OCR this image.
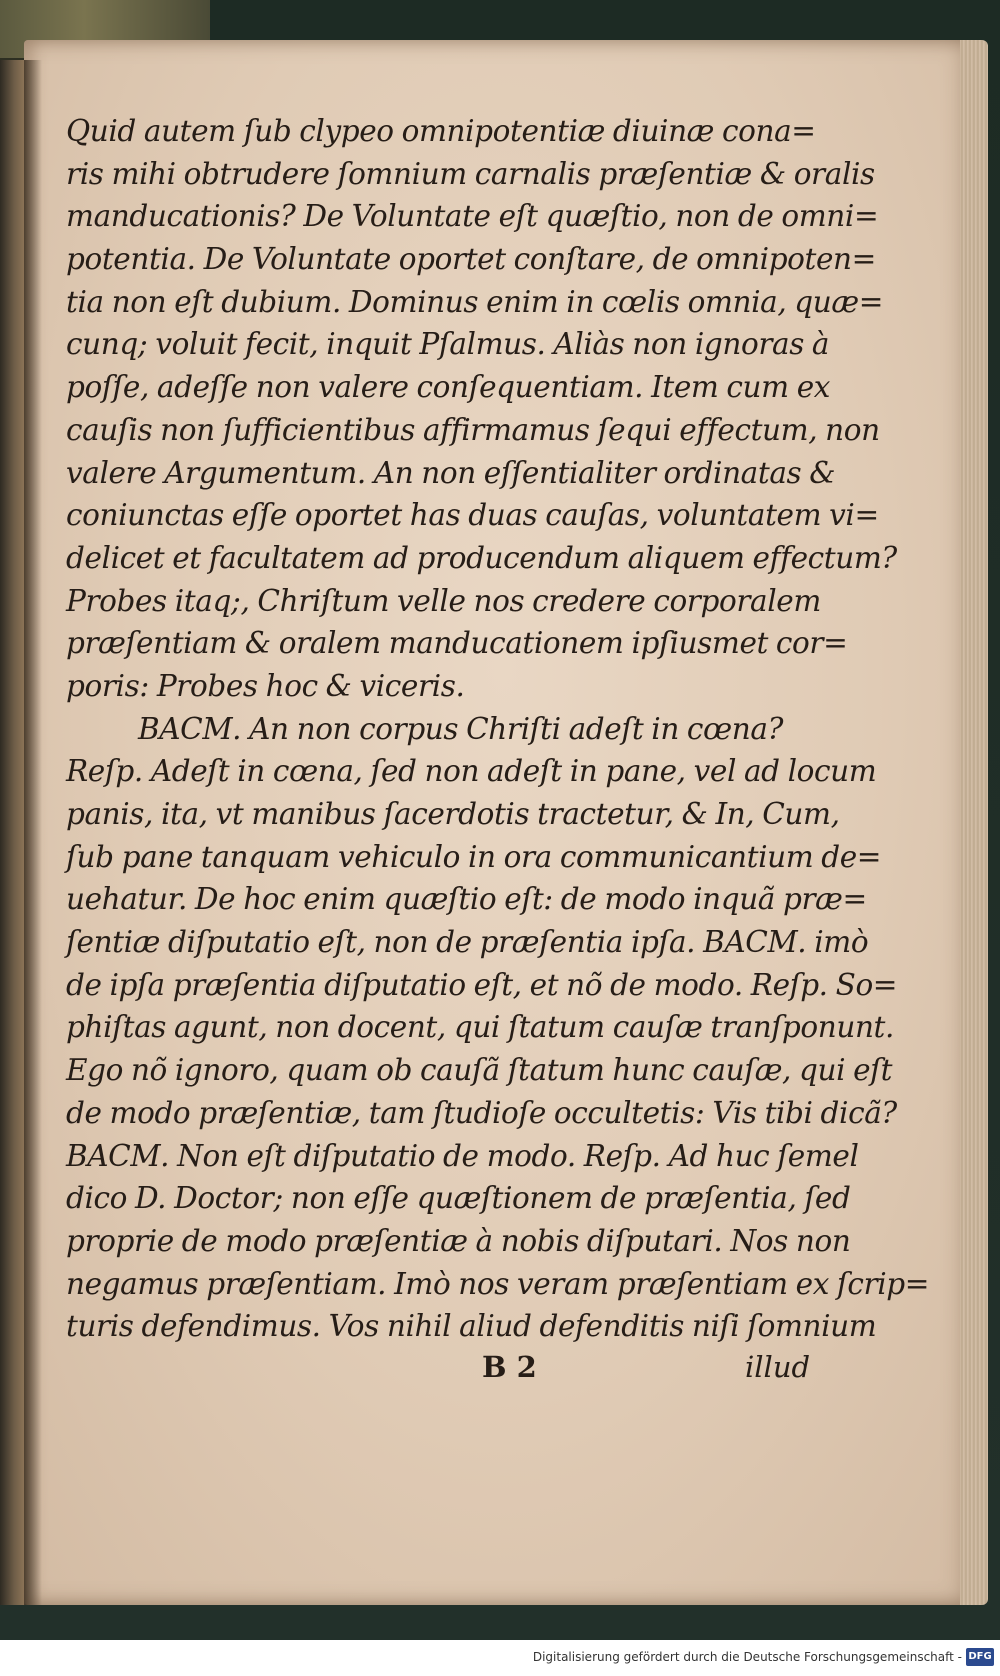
Quid autem ſub clypeo omnipotentiæ diuinæ cona=
ris mihi obtrudere ſomnium carnalis præſentiæ & oralis
manducationis? De Voluntate eſt quæſtio, non de omni=
potentia. De Voluntate oportet conſtare, de omnipoten=
tia non eſt dubium. Dominus enim in cœlis omnia, quæ=
cunq; voluit fecit, inquit Pſalmus. Aliàs non ignoras à
poſſe, adeſſe non valere conſequentiam. Item cum ex
cauſis non ſufficientibus affirmamus ſequi effectum, non
valere Argumentum. An non eſſentialiter ordinatas &
coniunctas eſſe oportet has duas cauſas, voluntatem vi=
delicet et facultatem ad producendum aliquem effectum?
Probes itaq;, Chriſtum velle nos credere corporalem
præſentiam & oralem manducationem ipſiusmet cor=
poris: Probes hoc & viceris.
BACM. An non corpus Chriſti adeſt in cœna?
Reſp. Adeſt in cœna, ſed non adeſt in pane, vel ad locum
panis, ita, vt manibus ſacerdotis tractetur, & In, Cum,
ſub pane tanquam vehiculo in ora communicantium de=
uehatur. De hoc enim quæſtio eſt: de modo inquã præ=
ſentiæ diſputatio eſt, non de præſentia ipſa. BACM. imò
de ipſa præſentia diſputatio eſt, et nõ de modo. Reſp. So=
phiſtas agunt, non docent, qui ſtatum cauſæ tranſponunt.
Ego nõ ignoro, quam ob cauſã ſtatum hunc cauſæ, qui eſt
de modo præſentiæ, tam ſtudioſe occultetis: Vis tibi dicã?
BACM. Non eſt diſputatio de modo. Reſp. Ad huc ſemel
dico D. Doctor; non eſſe quæſtionem de præſentia, ſed
proprie de modo præſentiæ à nobis diſputari. Nos non
negamus præſentiam. Imò nos veram præſentiam ex ſcrip=
turis defendimus. Vos nihil aliud defenditis niſi ſomnium
B 2	illud
Digitalisierung gefördert durch die Deutsche Forschungsgemeinschaft - DFG
